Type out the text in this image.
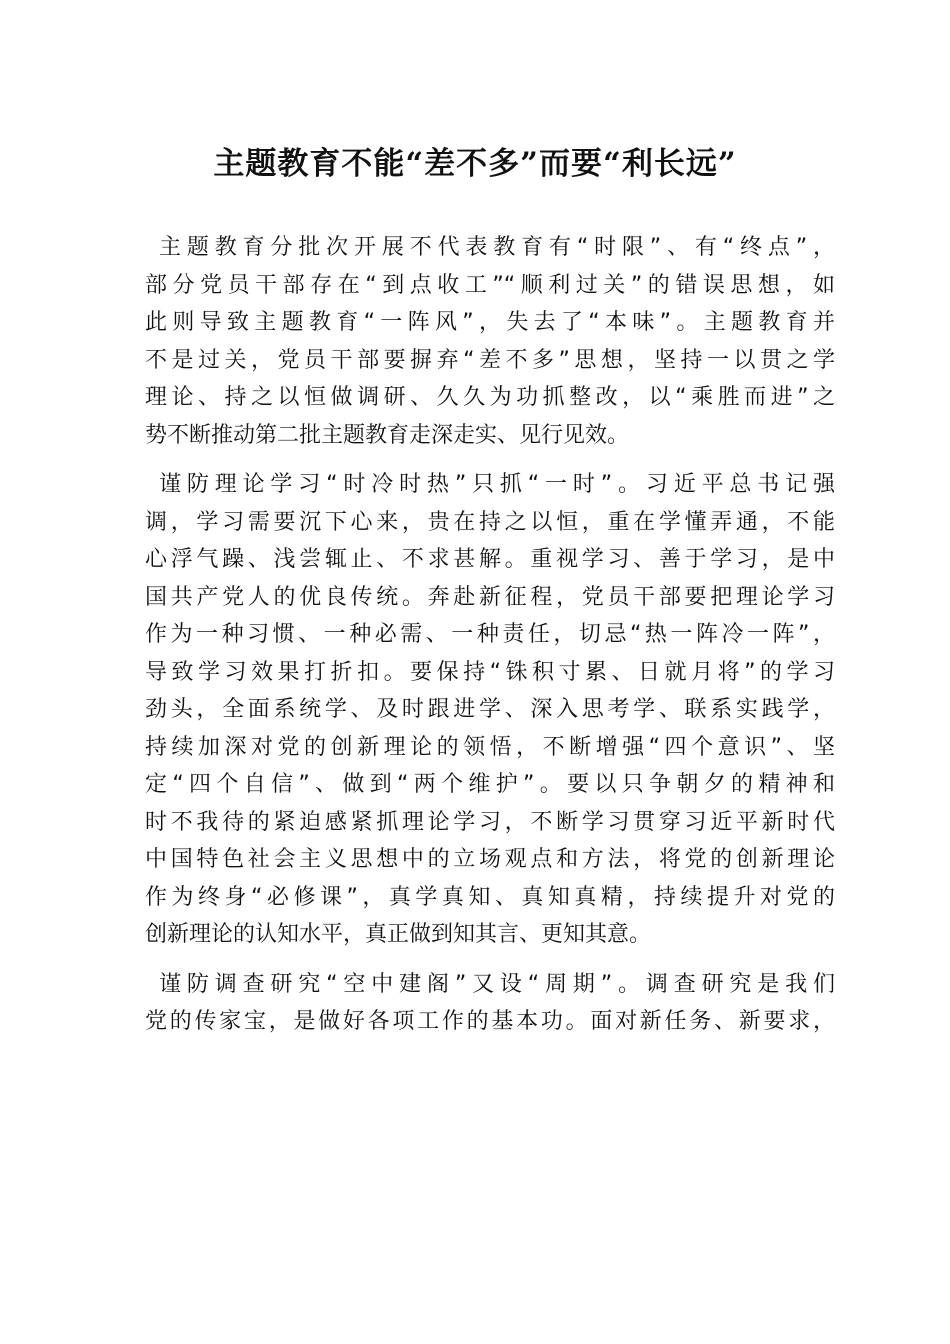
主题教育不能“差不多”而要“利长远”
主题教育分批次开展不代表教育有“时限”、有“终点”，
部分党员干部存在“到点收工”“顺利过关”的错误思想，如
此则导致主题教育“一阵风”，失去了“本味”。主题教育并
不是过关，党员干部要摒弃“差不多”思想，坚持一以贯之学
理论、持之以恒做调研、久久为功抓整改，以“乘胜而进”之
势不断推动第二批主题教育走深走实、见行见效。
谨防理论学习“时冷时热”只抓“一时”。习近平总书记强
调，学习需要沉下心来，贵在持之以恒，重在学懂弄通，不能
心浮气躁、浅尝辄止、不求甚解。重视学习、善于学习，是中
国共产党人的优良传统。奔赴新征程，党员干部要把理论学习
作为一种习惯、一种必需、一种责任，切忌“热一阵冷一阵”，
导致学习效果打折扣。要保持“铢积寸累、日就月将”的学习
劲头，全面系统学、及时跟进学、深入思考学、联系实践学，
持续加深对党的创新理论的领悟，不断增强“四个意识”、坚
定“四个自信”、做到“两个维护”。要以只争朝夕的精神和
时不我待的紧迫感紧抓理论学习，不断学习贯穿习近平新时代
中国特色社会主义思想中的立场观点和方法，将党的创新理论
作为终身“必修课”，真学真知、真知真精，持续提升对党的
创新理论的认知水平，真正做到知其言、更知其意。
谨防调查研究“空中建阁”又设“周期”。调查研究是我们
党的传家宝，是做好各项工作的基本功。面对新任务、新要求，
